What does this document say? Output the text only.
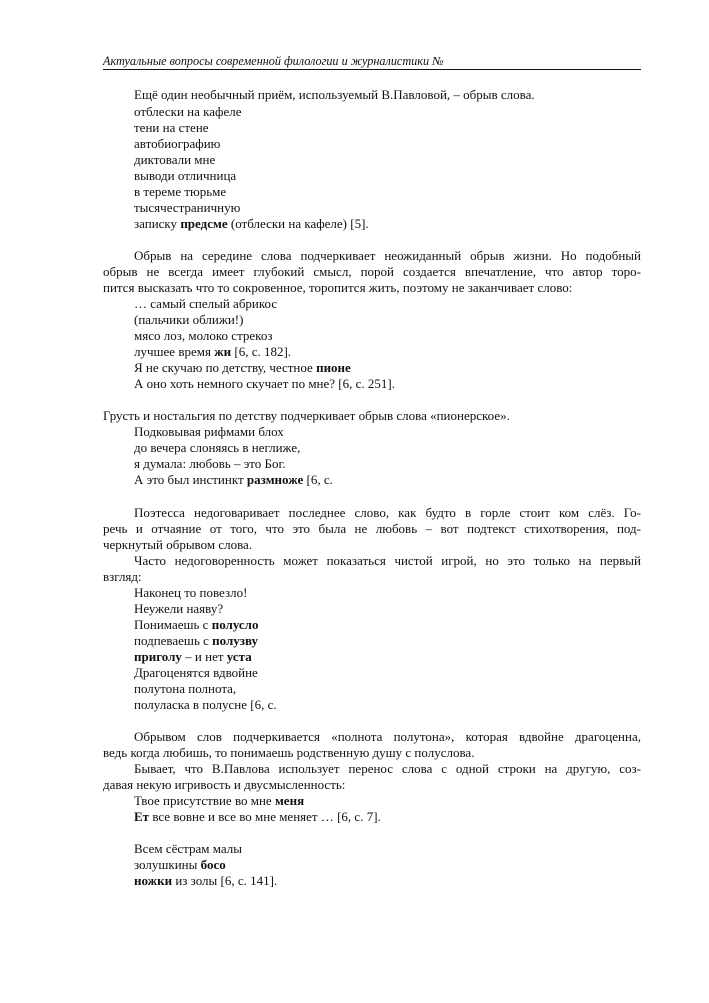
Актуальные вопросы современной филологии и журналистики №
Ещё один необычный приём, используемый В.Павловой, – обрыв слова.
отблески на кафеле
тени на стене
автобиографию
диктовали мне
выводи отличница
в тереме тюрьме
тысячестраничную
записку предсме (отблески на кафеле) [5].
Обрыв на середине слова подчеркивает неожиданный обрыв жизни. Но подобный
обрыв не всегда имеет глубокий смысл, порой создается впечатление, что автор торо-
пится высказать что то сокровенное, торопится жить, поэтому не заканчивает слово:
… самый спелый абрикос
(пальчики оближи!)
мясо лоз, молоко стрекоз
лучшее время жи [6, с. 182].
Я не скучаю по детству, честное пионе
А оно хоть немного скучает по мне? [6, с. 251].
Грусть и ностальгия по детству подчеркивает обрыв слова «пионерское».
Подковывая рифмами блох
до вечера слоняясь в неглиже,
я думала: любовь – это Бог.
А это был инстинкт размноже [6, с.
Поэтесса недоговаривает последнее слово, как будто в горле стоит ком слёз. Го-
речь и отчаяние от того, что это была не любовь – вот подтекст стихотворения, под-
черкнутый обрывом слова.
Часто недоговоренность может показаться чистой игрой, но это только на первый
взгляд:
Наконец то повезло!
Неужели наяву?
Понимаешь с полусло
подпеваешь с полузву
приголу – и нет уста
Драгоценятся вдвойне
полутона полнота,
полуласка в полусне [6, с.
Обрывом слов подчеркивается «полнота полутона», которая вдвойне драгоценна,
ведь когда любишь, то понимаешь родственную душу с полуслова.
Бывает, что В.Павлова использует перенос слова с одной строки на другую, соз-
давая некую игривость и двусмысленность:
Твое присутствие во мне меня
Ет все вовне и все во мне меняет … [6, с. 7].
Всем сёстрам малы
золушкины босо
ножки из золы [6, с. 141].
